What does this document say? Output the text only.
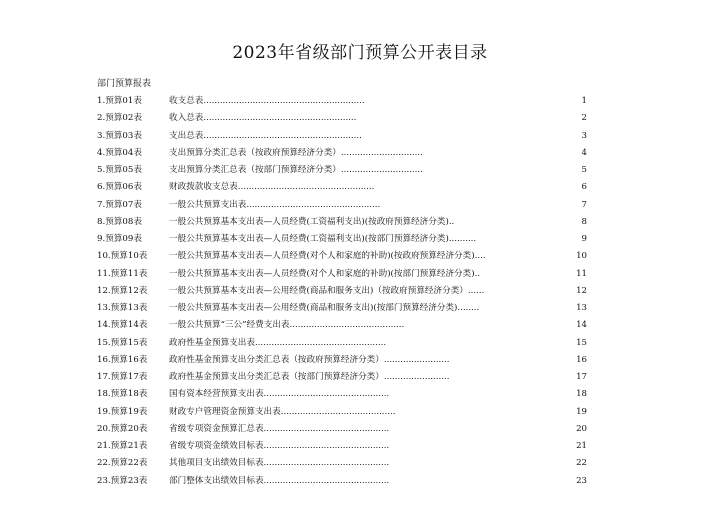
2023年省级部门预算公开表目录
部门预算报表
1.预算01表	收支总表...........................................................	1
2.预算02表	收入总表........................................................	2
3.预算03表	支出总表..........................................................	3
4.预算04表	支出预算分类汇总表（按政府预算经济分类）..............................	4
5.预算05表	支出预算分类汇总表（按部门预算经济分类）..............................	5
6.预算06表	财政拨款收支总表..................................................	6
7.预算07表	一般公共预算支出表.................................................	7
8.预算08表	一般公共预算基本支出表—人员经费(工资福利支出)(按政府预算经济分类)..	8
9.预算09表	一般公共预算基本支出表—人员经费(工资福利支出)(按部门预算经济分类)..........	9
10.预算10表	一般公共预算基本支出表—人员经费(对个人和家庭的补助)(按政府预算经济分类)....	10
11.预算11表	一般公共预算基本支出表—人员经费(对个人和家庭的补助)(按部门预算经济分类)..	11
12.预算12表	一般公共预算基本支出表—公用经费(商品和服务支出)（按政府预算经济分类）......	12
13.预算13表	一般公共预算基本支出表—公用经费(商品和服务支出)(按部门预算经济分类)........	13
14.预算14表	一般公共预算“三公”经费支出表..........................................	14
15.预算15表	政府性基金预算支出表................................................	15
16.预算16表	政府性基金预算支出分类汇总表（按政府预算经济分类）........................	16
17.预算17表	政府性基金预算支出分类汇总表（按部门预算经济分类）........................	17
18.预算18表	国有资本经营预算支出表..............................................	18
19.预算19表	财政专户管理资金预算支出表..........................................	19
20.预算20表	省级专项资金预算汇总表..............................................	20
21.预算21表	省级专项资金绩效目标表..............................................	21
22.预算22表	其他项目支出绩效目标表..............................................	22
23.预算23表	部门整体支出绩效目标表..............................................	23
